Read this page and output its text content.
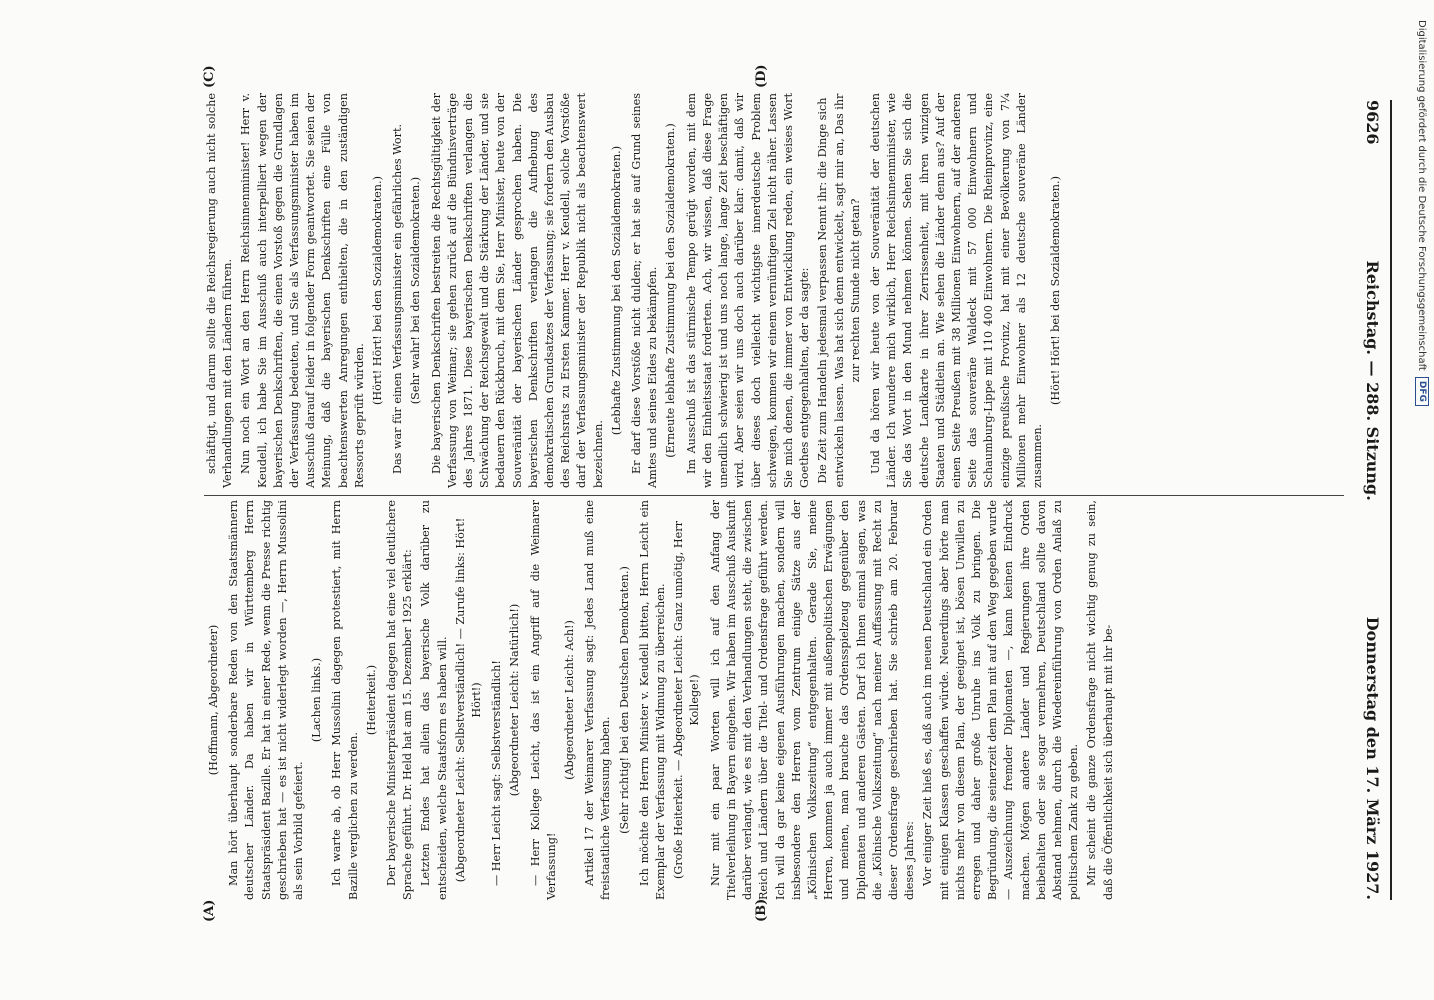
(Hoffmann, Abgeordneter) Man hört überhaupt sonderbare Reden von den Staatsmännern deutscher Länder. Da haben wir in Württemberg Herrn Staatspräsident Bazille. Er hat in einer Rede, wenn die Presse richtig geschrieben hat — es ist nicht widerlegt worden —, Herrn Mussolini als sein Vorbild gefeiert.

(Lachen links.) Ich warte ab, ob Herr Mussolini dagegen protestiert, mit Herrn Bazille verglichen zu werden.

(Heiterkeit.) Der bayerische Ministerpräsident dagegen hat eine viel deutlichere Sprache geführt. Dr. Held hat am 15. Dezember 1925 erklärt: Letzten Endes hat allein das bayerische Volk darüber zu entscheiden, welche Staatsform es haben will. (Abgeordneter Leicht: Selbstverständlich! — Zurufe links: Hört! Hört!) — Herr Leicht sagt: Selbstverständlich! (Abgeordneter Leicht: Natürlich!) — Herr Kollege Leicht, das ist ein Angriff auf die Weimarer Verfassung!

(Abgeordneter Leicht: Ach!) Artikel 17 der Weimarer Verfassung sagt: Jedes Land muß eine freistaatliche Verfassung haben. (Sehr richtig! bei den Deutschen Demokraten.) Ich möchte den Herrn Minister v. Keudell bitten, Herrn Leicht ein Exemplar der Verfassung mit Widmung zu überreichen. (Große Heiterkeit. — Abgeordneter Leicht: Ganz unnötig, Herr Kollege!) Nur mit ein paar Worten will ich auf den Anfang der Titelverleihung in Bayern eingehen. Wir haben im Ausschuß Auskunft darüber verlangt, wie es mit den Verhandlungen steht, die zwischen Reich und Ländern über die Titel- und Ordensfrage geführt werden. Ich will da gar keine eigenen Ausführungen machen, sondern will insbesondere den Herren vom Zentrum einige Sätze aus der „Kölnischen Volkszeitung“ entgegenhalten. Gerade Sie, meine Herren, kommen ja auch immer mit außenpolitischen Erwägungen und meinen, man brauche das Ordensspielzeug gegenüber den Diplomaten und anderen Gästen. Darf ich Ihnen einmal sagen, was die „Kölnische Volkszeitung“ nach meiner Auffassung mit Recht zu dieser Ordensfrage geschrieben hat. Sie schrieb am 20. Februar dieses Jahres: Vor einiger Zeit hieß es, daß auch im neuen Deutschland ein Orden mit einigen Klassen geschaffen würde. Neuerdings aber hörte man nichts mehr von diesem Plan, der geeignet ist, bösen Unwillen zu erregen und daher große Unruhe ins Volk zu bringen. Die Begründung, die seinerzeit dem Plan mit auf den Weg gegeben wurde — Auszeichnung fremder Diplomaten —, kann keinen Eindruck machen. Mögen andere Länder und Regierungen ihre Orden beibehalten oder sie sogar vermehren, Deutschland sollte davon Abstand nehmen, durch die Wiedereinführung von Orden Anlaß zu politischem Zank zu geben. Mir scheint die ganze Ordensfrage nicht wichtig genug zu sein, daß die Öffentlichkeit sich überhaupt mit ihr be-

schäftigt, und darum sollte die Reichsregierung auch nicht solche Verhandlungen mit den Ländern führen. Nun noch ein Wort an den Herrn Reichsinnenminister! Herr v. Keudell, ich habe Sie im Ausschuß auch interpelliert wegen der bayerischen Denkschriften, die einen Vorstoß gegen die Grundlagen der Verfassung bedeuten, und Sie als Verfassungsminister haben im Ausschuß darauf leider in folgender Form geantwortet. Sie seien der Meinung, daß die bayerischen Denkschriften eine Fülle von beachtenswerten Anregungen enthielten, die in den zuständigen Ressorts geprüft würden.

(Hört! Hört! bei den Sozialdemokraten.) Das war für einen Verfassungsminister ein gefährliches Wort. (Sehr wahr! bei den Sozialdemokraten.) Die bayerischen Denkschriften bestreiten die Rechtsgültigkeit der Verfassung von Weimar; sie gehen zurück auf die Bündnisverträge des Jahres 1871. Diese bayerischen Denkschriften verlangen die Schwächung der Reichsgewalt und die Stärkung der Länder, und sie bedauern den Rückbruch, mit dem Sie, Herr Minister, heute von der Souveränität der bayerischen Länder gesprochen haben. Die bayerischen Denkschriften verlangen die Aufhebung des demokratischen Grundsatzes der Verfassung; sie fordern den Ausbau des Reichsrats zu Ersten Kammer. Herr v. Keudell, solche Vorstöße darf der Verfassungsminister der Republik nicht als beachtenswert bezeichnen.

(Lebhafte Zustimmung bei den Sozialdemokraten.) Er darf diese Vorstöße nicht dulden; er hat sie auf Grund seines Amtes und seines Eides zu bekämpfen. (Erneute lebhafte Zustimmung bei den Sozialdemokraten.) Im Ausschuß ist das stürmische Tempo gerügt worden, mit dem wir den Einheitsstaat forderten. Ach, wir wissen, daß diese Frage unendlich schwierig ist und uns noch lange, lange Zeit beschäftigen wird. Aber seien wir uns doch auch darüber klar: damit, daß wir über dieses doch vielleicht wichtigste innerdeutsche Problem schweigen, kommen wir einem vernünftigen Ziel nicht näher. Lassen Sie mich denen, die immer von Entwicklung reden, ein weises Wort Goethes entgegenhalten, der da sagte: Die Zeit zum Handeln jedesmal verpassen Nennt ihr: die Dinge sich entwickeln lassen. Was hat sich denn entwickelt, sagt mir an, Das ihr zur rechten Stunde nicht getan? Und da hören wir heute von der Souveränität der deutschen Länder. Ich wundere mich wirklich, Herr Reichsinnenminister, wie Sie das Wort in den Mund nehmen können. Sehen Sie sich die deutsche Landkarte in ihrer Zerrissenheit, mit ihren winzigen Staaten und Städtlein an. Wie sehen die Länder denn aus? Auf der einen Seite Preußen mit 38 Millionen Einwohnern, auf der anderen Seite das souveräne Waldeck mit 57 000 Einwohnern und Schaumburg-Lippe mit 110 400 Einwohnern. Die Rheinprovinz, eine einzige preußische Provinz, hat mit einer Bevölkerung von 7¼ Millionen mehr Einwohner als 12 deutsche souveräne Länder zusammen.

(Hört! Hört! bei den Sozialdemokraten.)

(A)	(B)
(C)	(D)
9626
Reichstag. — 288. Sitzung.
Donnerstag den 17. März 1927.
Digitalisierung gefördert durch die Deutsche Forschungsgemeinschaft
DFG
